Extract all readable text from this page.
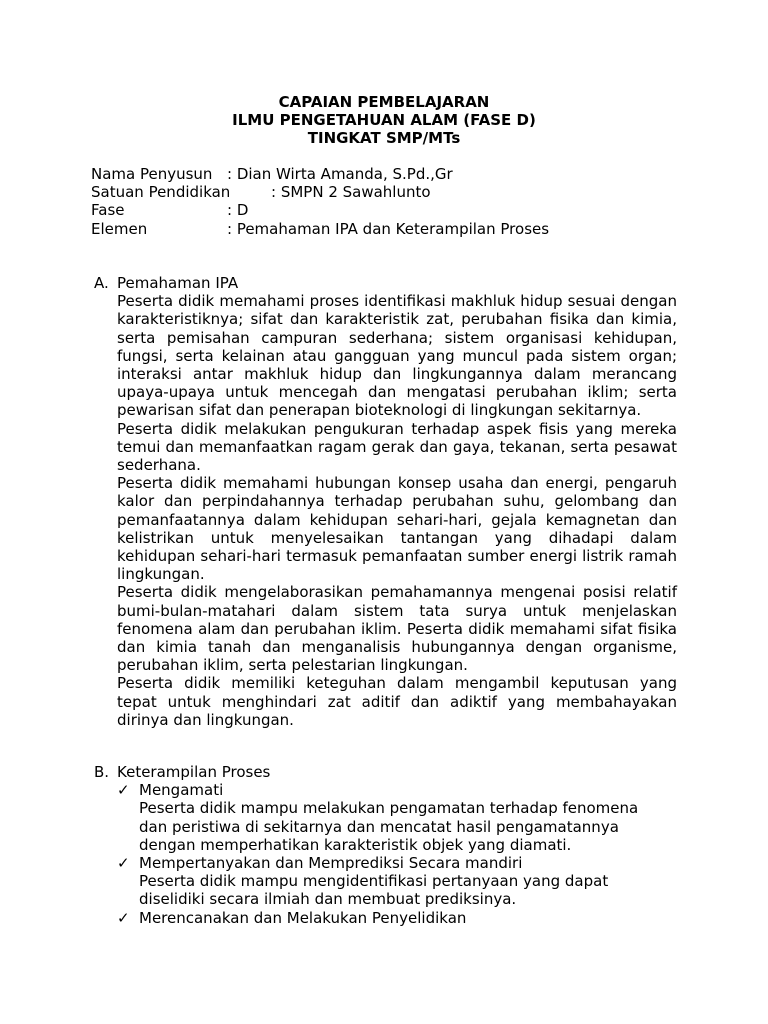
CAPAIAN PEMBELAJARAN
ILMU PENGETAHUAN ALAM (FASE D)
TINGKAT SMP/MTs
Nama Penyusun : Dian Wirta Amanda, S.Pd.,Gr
Satuan Pendidikan	: SMPN 2 Sawahlunto
Fase	: D
Elemen	: Pemahaman IPA dan Keterampilan Proses
A. Pemahaman IPA

Peserta didik memahami proses identifikasi makhluk hidup sesuai dengan karakteristiknya; sifat dan karakteristik zat, perubahan fisika dan kimia, serta pemisahan campuran sederhana; sistem organisasi kehidupan, fungsi, serta kelainan atau gangguan yang muncul pada sistem organ; interaksi antar makhluk hidup dan lingkungannya dalam merancang upaya-upaya untuk mencegah dan mengatasi perubahan iklim; serta pewarisan sifat dan penerapan bioteknologi di lingkungan sekitarnya.

Peserta didik melakukan pengukuran terhadap aspek fisis yang mereka temui dan memanfaatkan ragam gerak dan gaya, tekanan, serta pesawat sederhana.

Peserta didik memahami hubungan konsep usaha dan energi, pengaruh kalor dan perpindahannya terhadap perubahan suhu, gelombang dan pemanfaatannya dalam kehidupan sehari-hari, gejala kemagnetan dan kelistrikan untuk menyelesaikan tantangan yang dihadapi dalam kehidupan sehari-hari termasuk pemanfaatan sumber energi listrik ramah lingkungan.

Peserta didik mengelaborasikan pemahamannya mengenai posisi relatif bumi-bulan-matahari dalam sistem tata surya untuk menjelaskan fenomena alam dan perubahan iklim. Peserta didik memahami sifat fisika dan kimia tanah dan menganalisis hubungannya dengan organisme, perubahan iklim, serta pelestarian lingkungan.

Peserta didik memiliki keteguhan dalam mengambil keputusan yang tepat untuk menghindari zat aditif dan adiktif yang membahayakan dirinya dan lingkungan.

B. Keterampilan Proses
✓ Mengamati
Peserta didik mampu melakukan pengamatan terhadap fenomena dan peristiwa di sekitarnya dan mencatat hasil pengamatannya dengan memperhatikan karakteristik objek yang diamati.
✓ Mempertanyakan dan Memprediksi Secara mandiri
Peserta didik mampu mengidentifikasi pertanyaan yang dapat diselidiki secara ilmiah dan membuat prediksinya.
✓ Merencanakan dan Melakukan Penyelidikan
